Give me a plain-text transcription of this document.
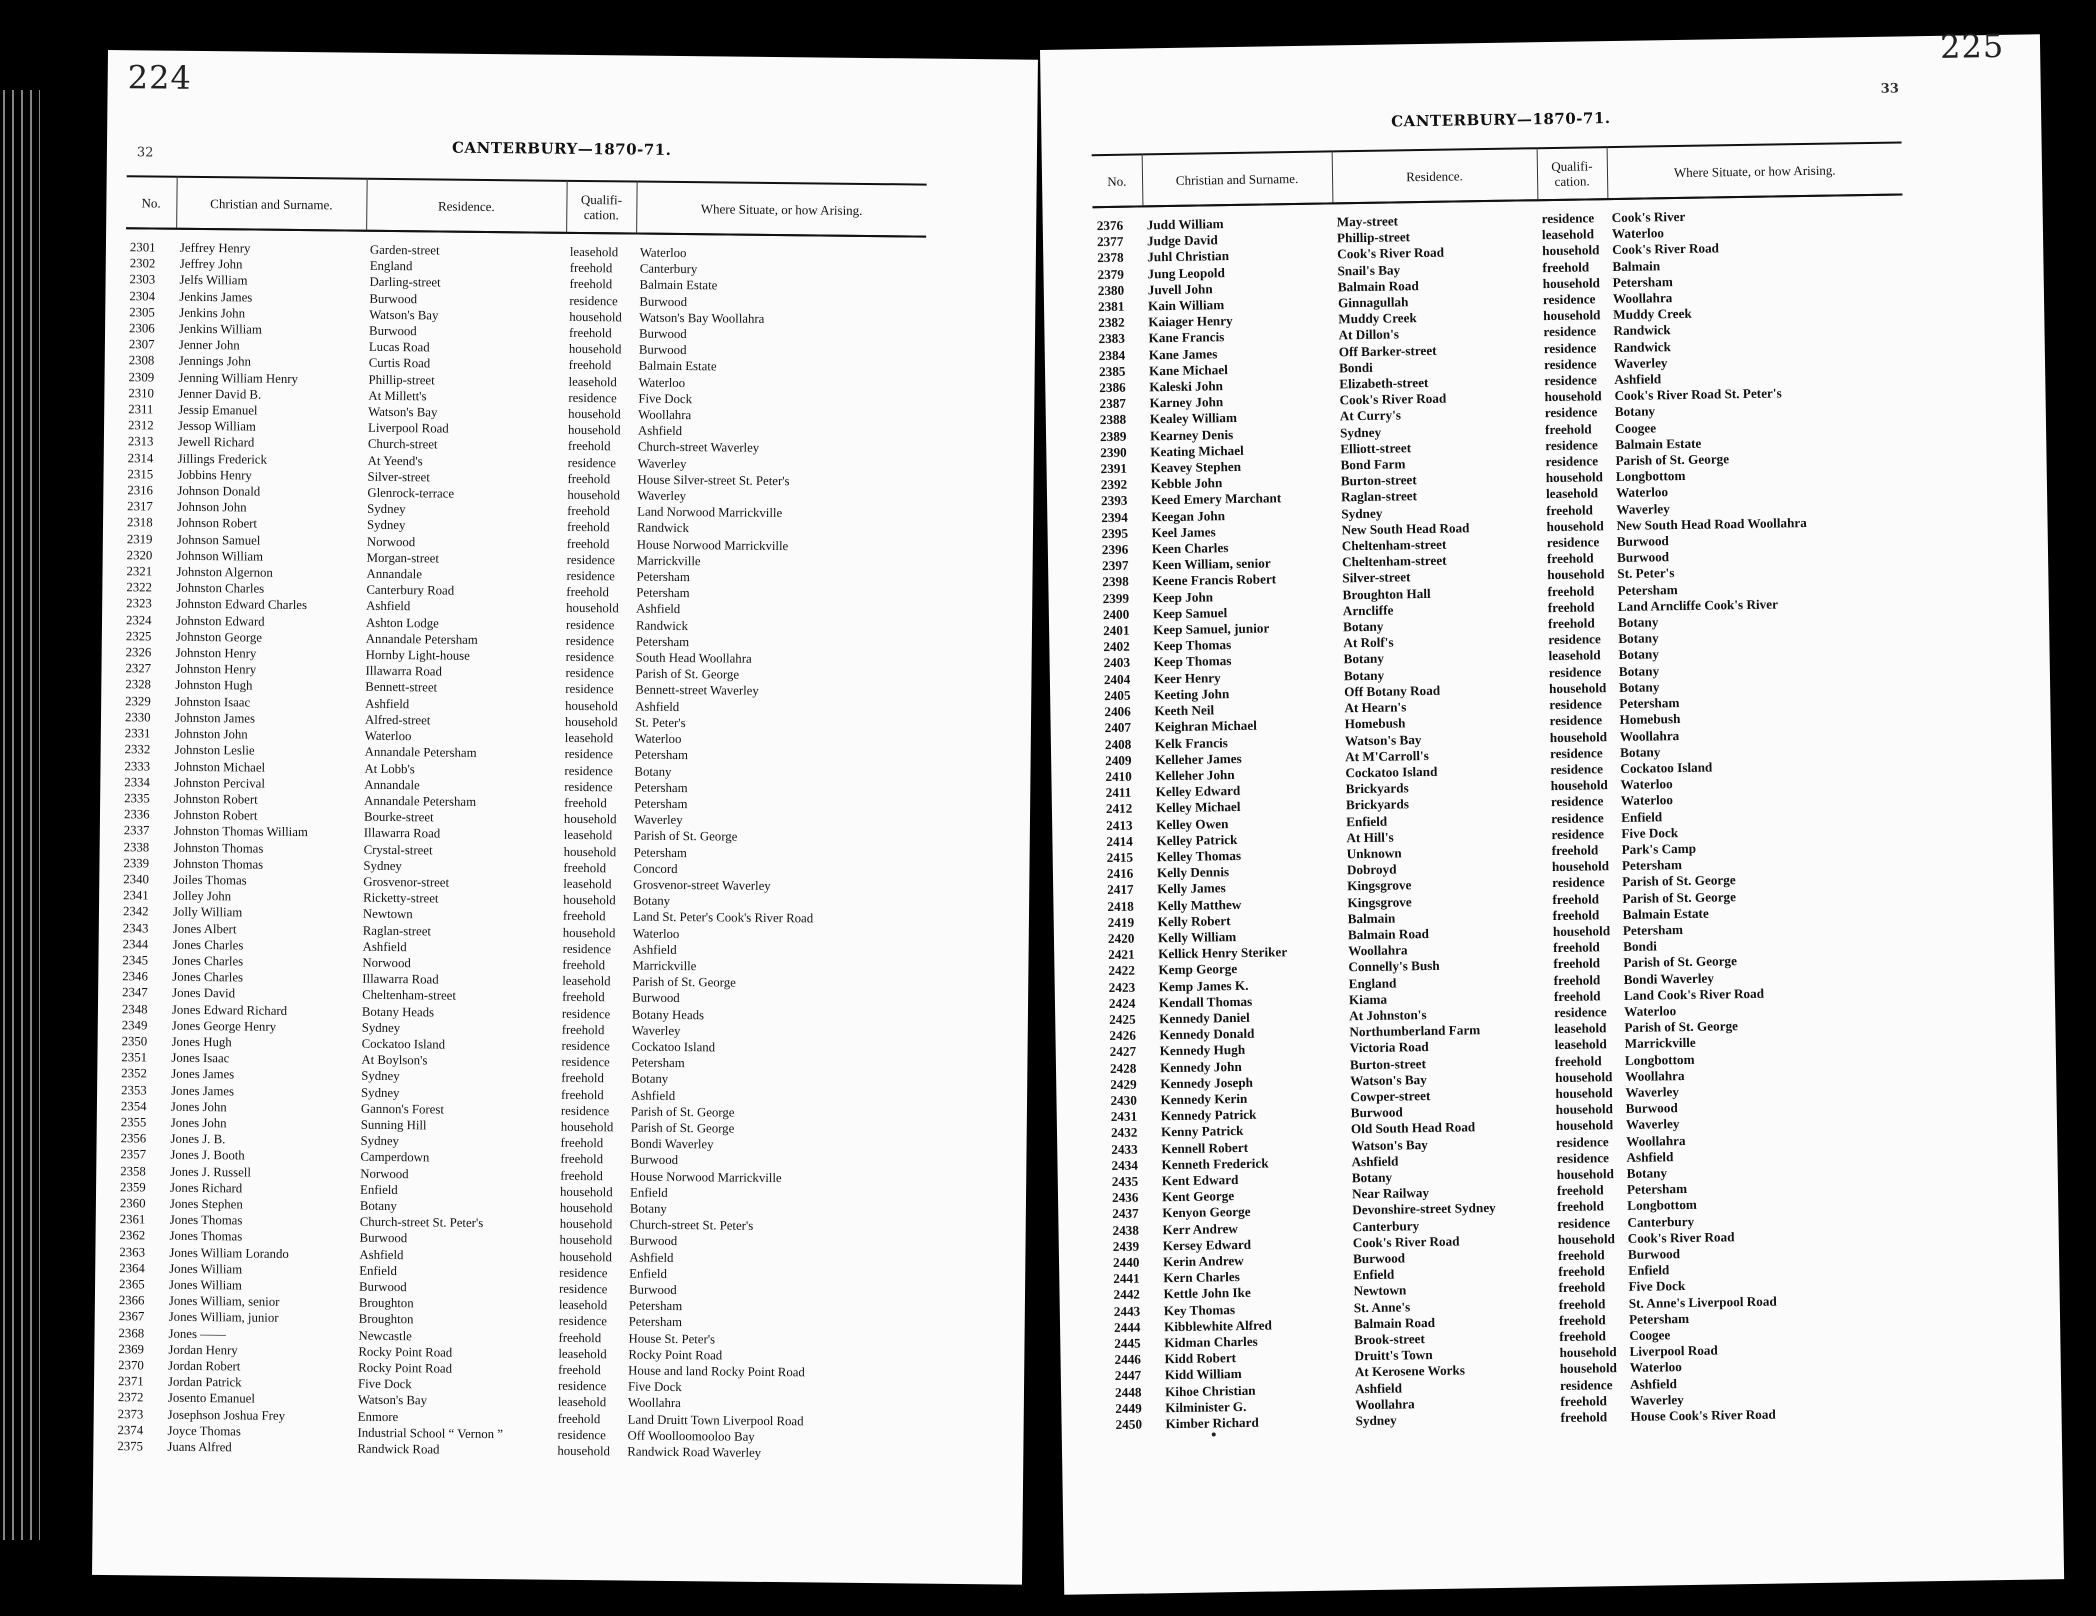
224
32	CANTERBURY—1870-71.
No.	Christian and Surname.	Residence.	Qualifi-cation.	Where Situate, or how Arising.
2301	Jeffrey Henry	Garden-street	leasehold	Waterloo
2302	Jeffrey John	England	freehold	Canterbury
2303	Jelfs William	Darling-street	freehold	Balmain Estate
2304	Jenkins James	Burwood	residence	Burwood
2305	Jenkins John	Watson's Bay	household	Watson's Bay Woollahra
2306	Jenkins William	Burwood	freehold	Burwood
2307	Jenner John	Lucas Road	household	Burwood
2308	Jennings John	Curtis Road	freehold	Balmain Estate
2309	Jenning William Henry	Phillip-street	leasehold	Waterloo
2310	Jenner David B.	At Millett's	residence	Five Dock
2311	Jessip Emanuel	Watson's Bay	household	Woollahra
2312	Jessop William	Liverpool Road	household	Ashfield
2313	Jewell Richard	Church-street	freehold	Church-street Waverley
2314	Jillings Frederick	At Yeend's	residence	Waverley
2315	Jobbins Henry	Silver-street	freehold	House Silver-street St. Peter's
2316	Johnson Donald	Glenrock-terrace	household	Waverley
2317	Johnson John	Sydney	freehold	Land Norwood Marrickville
2318	Johnson Robert	Sydney	freehold	Randwick
2319	Johnson Samuel	Norwood	freehold	House Norwood Marrickville
2320	Johnson William	Morgan-street	residence	Marrickville
2321	Johnston Algernon	Annandale	residence	Petersham
2322	Johnston Charles	Canterbury Road	freehold	Petersham
2323	Johnston Edward Charles	Ashfield	household	Ashfield
2324	Johnston Edward	Ashton Lodge	residence	Randwick
2325	Johnston George	Annandale Petersham	residence	Petersham
2326	Johnston Henry	Hornby Light-house	residence	South Head Woollahra
2327	Johnston Henry	Illawarra Road	residence	Parish of St. George
2328	Johnston Hugh	Bennett-street	residence	Bennett-street Waverley
2329	Johnston Isaac	Ashfield	household	Ashfield
2330	Johnston James	Alfred-street	household	St. Peter's
2331	Johnston John	Waterloo	leasehold	Waterloo
2332	Johnston Leslie	Annandale Petersham	residence	Petersham
2333	Johnston Michael	At Lobb's	residence	Botany
2334	Johnston Percival	Annandale	residence	Petersham
2335	Johnston Robert	Annandale Petersham	freehold	Petersham
2336	Johnston Robert	Bourke-street	household	Waverley
2337	Johnston Thomas William	Illawarra Road	leasehold	Parish of St. George
2338	Johnston Thomas	Crystal-street	household	Petersham
2339	Johnston Thomas	Sydney	freehold	Concord
2340	Joiles Thomas	Grosvenor-street	leasehold	Grosvenor-street Waverley
2341	Jolley John	Ricketty-street	household	Botany
2342	Jolly William	Newtown	freehold	Land St. Peter's Cook's River Road
2343	Jones Albert	Raglan-street	household	Waterloo
2344	Jones Charles	Ashfield	residence	Ashfield
2345	Jones Charles	Norwood	freehold	Marrickville
2346	Jones Charles	Illawarra Road	leasehold	Parish of St. George
2347	Jones David	Cheltenham-street	freehold	Burwood
2348	Jones Edward Richard	Botany Heads	residence	Botany Heads
2349	Jones George Henry	Sydney	freehold	Waverley
2350	Jones Hugh	Cockatoo Island	residence	Cockatoo Island
2351	Jones Isaac	At Boylson's	residence	Petersham
2352	Jones James	Sydney	freehold	Botany
2353	Jones James	Sydney	freehold	Ashfield
2354	Jones John	Gannon's Forest	residence	Parish of St. George
2355	Jones John	Sunning Hill	household	Parish of St. George
2356	Jones J. B.	Sydney	freehold	Bondi Waverley
2357	Jones J. Booth	Camperdown	freehold	Burwood
2358	Jones J. Russell	Norwood	freehold	House Norwood Marrickville
2359	Jones Richard	Enfield	household	Enfield
2360	Jones Stephen	Botany	household	Botany
2361	Jones Thomas	Church-street St. Peter's	household	Church-street St. Peter's
2362	Jones Thomas	Burwood	household	Burwood
2363	Jones William Lorando	Ashfield	household	Ashfield
2364	Jones William	Enfield	residence	Enfield
2365	Jones William	Burwood	residence	Burwood
2366	Jones William, senior	Broughton	leasehold	Petersham
2367	Jones William, junior	Broughton	residence	Petersham
2368	Jones ——	Newcastle	freehold	House St. Peter's
2369	Jordan Henry	Rocky Point Road	leasehold	Rocky Point Road
2370	Jordan Robert	Rocky Point Road	freehold	House and land Rocky Point Road
2371	Jordan Patrick	Five Dock	residence	Five Dock
2372	Josento Emanuel	Watson's Bay	leasehold	Woollahra
2373	Josephson Joshua Frey	Enmore	freehold	Land Druitt Town Liverpool Road
2374	Joyce Thomas	Industrial School “ Vernon ”	residence	Off Woolloomooloo Bay
2375	Juans Alfred	Randwick Road	household	Randwick Road Waverley
225
33
CANTERBURY—1870-71.
No.	Christian and Surname.	Residence.	Qualifi-cation.	Where Situate, or how Arising.
2376	Judd William	May-street	residence	Cook's River
2377	Judge David	Phillip-street	leasehold	Waterloo
2378	Juhl Christian	Cook's River Road	household	Cook's River Road
2379	Jung Leopold	Snail's Bay	freehold	Balmain
2380	Juvell John	Balmain Road	household	Petersham
2381	Kain William	Ginnagullah	residence	Woollahra
2382	Kaiager Henry	Muddy Creek	household	Muddy Creek
2383	Kane Francis	At Dillon's	residence	Randwick
2384	Kane James	Off Barker-street	residence	Randwick
2385	Kane Michael	Bondi	residence	Waverley
2386	Kaleski John	Elizabeth-street	residence	Ashfield
2387	Karney John	Cook's River Road	household	Cook's River Road St. Peter's
2388	Kealey William	At Curry's	residence	Botany
2389	Kearney Denis	Sydney	freehold	Coogee
2390	Keating Michael	Elliott-street	residence	Balmain Estate
2391	Keavey Stephen	Bond Farm	residence	Parish of St. George
2392	Kebble John	Burton-street	household	Longbottom
2393	Keed Emery Marchant	Raglan-street	leasehold	Waterloo
2394	Keegan John	Sydney	freehold	Waverley
2395	Keel James	New South Head Road	household	New South Head Road Woollahra
2396	Keen Charles	Cheltenham-street	residence	Burwood
2397	Keen William, senior	Cheltenham-street	freehold	Burwood
2398	Keene Francis Robert	Silver-street	household	St. Peter's
2399	Keep John	Broughton Hall	freehold	Petersham
2400	Keep Samuel	Arncliffe	freehold	Land Arncliffe Cook's River
2401	Keep Samuel, junior	Botany	freehold	Botany
2402	Keep Thomas	At Rolf's	residence	Botany
2403	Keep Thomas	Botany	leasehold	Botany
2404	Keer Henry	Botany	residence	Botany
2405	Keeting John	Off Botany Road	household	Botany
2406	Keeth Neil	At Hearn's	residence	Petersham
2407	Keighran Michael	Homebush	residence	Homebush
2408	Kelk Francis	Watson's Bay	household	Woollahra
2409	Kelleher James	At M'Carroll's	residence	Botany
2410	Kelleher John	Cockatoo Island	residence	Cockatoo Island
2411	Kelley Edward	Brickyards	household	Waterloo
2412	Kelley Michael	Brickyards	residence	Waterloo
2413	Kelley Owen	Enfield	residence	Enfield
2414	Kelley Patrick	At Hill's	residence	Five Dock
2415	Kelley Thomas	Unknown	freehold	Park's Camp
2416	Kelly Dennis	Dobroyd	household	Petersham
2417	Kelly James	Kingsgrove	residence	Parish of St. George
2418	Kelly Matthew	Kingsgrove	freehold	Parish of St. George
2419	Kelly Robert	Balmain	freehold	Balmain Estate
2420	Kelly William	Balmain Road	household	Petersham
2421	Kellick Henry Steriker	Woollahra	freehold	Bondi
2422	Kemp George	Connelly's Bush	freehold	Parish of St. George
2423	Kemp James K.	England	freehold	Bondi Waverley
2424	Kendall Thomas	Kiama	freehold	Land Cook's River Road
2425	Kennedy Daniel	At Johnston's	residence	Waterloo
2426	Kennedy Donald	Northumberland Farm	leasehold	Parish of St. George
2427	Kennedy Hugh	Victoria Road	leasehold	Marrickville
2428	Kennedy John	Burton-street	freehold	Longbottom
2429	Kennedy Joseph	Watson's Bay	household	Woollahra
2430	Kennedy Kerin	Cowper-street	household	Waverley
2431	Kennedy Patrick	Burwood	household	Burwood
2432	Kenny Patrick	Old South Head Road	household	Waverley
2433	Kennell Robert	Watson's Bay	residence	Woollahra
2434	Kenneth Frederick	Ashfield	residence	Ashfield
2435	Kent Edward	Botany	household	Botany
2436	Kent George	Near Railway	freehold	Petersham
2437	Kenyon George	Devonshire-street Sydney	freehold	Longbottom
2438	Kerr Andrew	Canterbury	residence	Canterbury
2439	Kersey Edward	Cook's River Road	household	Cook's River Road
2440	Kerin Andrew	Burwood	freehold	Burwood
2441	Kern Charles	Enfield	freehold	Enfield
2442	Kettle John Ike	Newtown	freehold	Five Dock
2443	Key Thomas	St. Anne's	freehold	St. Anne's Liverpool Road
2444	Kibblewhite Alfred	Balmain Road	freehold	Petersham
2445	Kidman Charles	Brook-street	freehold	Coogee
2446	Kidd Robert	Druitt's Town	household	Liverpool Road
2447	Kidd William	At Kerosene Works	household	Waterloo
2448	Kihoe Christian	Ashfield	residence	Ashfield
2449	Kilminister G.	Woollahra	freehold	Waverley
2450	Kimber Richard	Sydney	freehold	House Cook's River Road
